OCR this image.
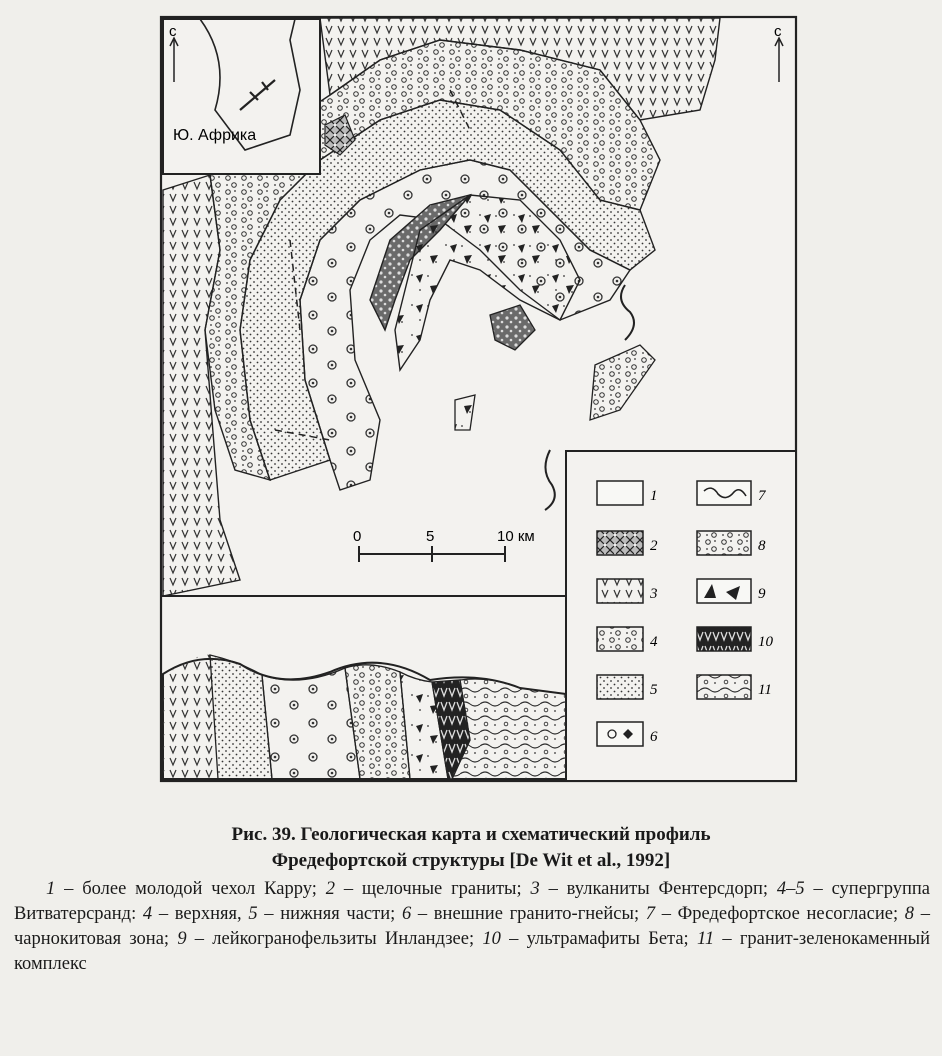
с
Ю. Африка
с
0	5	10 км
1
2
3
4
5
6
7
8
9
10
11
Рис. 39. Геологическая карта и схематический профиль
Фредефортской структуры [De Wit et al., 1992]
1 – более молодой чехол Карру; 2 – щелочные граниты; 3 – вулканиты Фентерсдорп; 4–5 – супергруппа Витватерсранд: 4 – верхняя, 5 – нижняя части; 6 – внешние гранито-гнейсы; 7 – Фредефортское несогласие; 8 – чарнокитовая зона; 9 – лейкогранофельзиты Инландзее; 10 – ультрамафиты Бета; 11 – гранит-зеленокаменный комплекс
